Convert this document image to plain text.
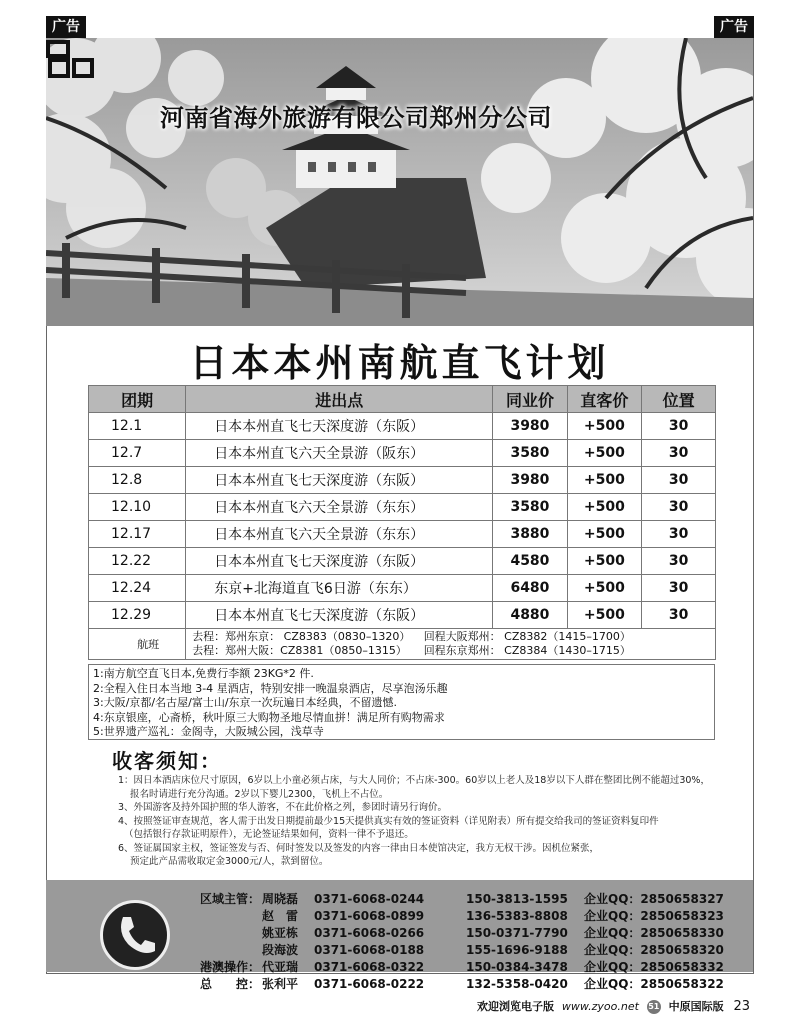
广告	广告
河南省海外旅游有限公司郑州分公司
日本本州南航直飞计划
团期	进出点	同业价	直客价	位置
12.1	日本本州直飞七天深度游（东阪）	3980	+500	30
12.7	日本本州直飞六天全景游（阪东）	3580	+500	30
12.8	日本本州直飞七天深度游（东阪）	3980	+500	30
12.10	日本本州直飞六天全景游（东东）	3580	+500	30
12.17	日本本州直飞六天全景游（东东）	3880	+500	30
12.22	日本本州直飞七天深度游（东阪）	4580	+500	30
12.24	东京+北海道直飞6日游（东东）	6480	+500	30
12.29	日本本州直飞七天深度游（东阪）	4880	+500	30
航班	去程：郑州东京： CZ8383（0830–1320） 回程大阪郑州： CZ8382（1415–1700）
去程：郑州大阪：CZ8381（0850–1315） 回程东京郑州： CZ8384（1430–1715）			
1:南方航空直飞日本,免费行李额 23KG*2 件.
2:全程入住日本当地 3-4 星酒店，特别安排一晚温泉酒店，尽享泡汤乐趣
3:大阪/京都/名古屋/富士山/东京一次玩遍日本经典，不留遗憾.
4:东京银座，心斋桥，秋叶原三大购物圣地尽情血拼！满足所有购物需求
5:世界遗产巡礼：金阁寺，大阪城公园，浅草寺
收客须知：

1：因日本酒店床位尺寸原因，6岁以上小童必须占床，与大人同价；不占床-300。60岁以上老人及18岁以下人群在整团比例不能超过30%，

报名时请进行充分沟通。2岁以下婴儿2300，飞机上不占位。

3、外国游客及持外国护照的华人游客，不在此价格之列，参团时请另行询价。

4、按照签证审查规范，客人需于出发日期提前最少15天提供真实有效的签证资料（详见附表）所有提交给我司的签证资料复印件

（包括银行存款证明原件），无论签证结果如何，资料一律不予退还。

6、签证属国家主权，签证签发与否、何时签发以及签发的内容一律由日本使馆决定，我方无权干涉。因机位紧张，

预定此产品需收取定金3000元/人，款到留位。

区域主管：	周晓磊	0371-6068-0244	150-3813-1595	企业QQ：	2850658327
	赵　雷	0371-6068-0899	136-5383-8808	企业QQ：	2850658323
	姚亚栋	0371-6068-0266	150-0371-7790	企业QQ：	2850658330
	段海波	0371-6068-0188	155-1696-9188	企业QQ：	2850658320
港澳操作：	代亚瑞	0371-6068-0322	150-0384-3478	企业QQ：	2850658332
总　　控：	张利平	0371-6068-0222	132-5358-0420	企业QQ：	2850658322
欢迎浏览电子版 www.zyoo.net 51 中原国际版 23
